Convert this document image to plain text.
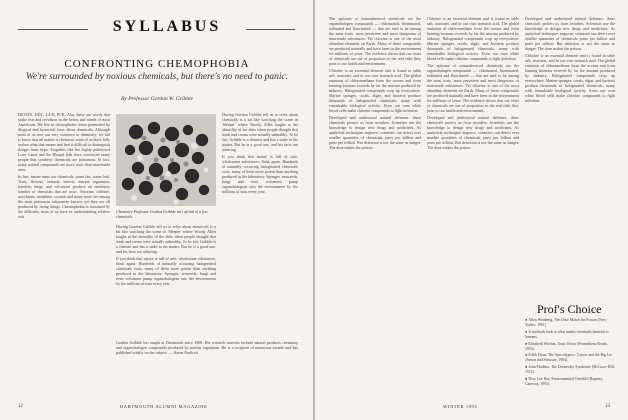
SYLLABUS
CONFRONTING CHEMOPHOBIA
We're surrounded by noxious chemicals, but there's no need to panic.
By Professor Gordon W. Gribble

DIOXIN, DDT, 2,4-D, PCB, Alar, these are words that strike fear and revulsion in the hearts and minds of most Americans. We live in chemophobic times permeated by illogical and hysterical fears about chemicals. Although most of us owe our very existence to chemistry, we fail to know that all matter is chemical, most of us don't fully realize what that means and find it difficult to distinguish danger from hype. Tragedies like the highly publicized Love Canal and the Bhopal leak have convinced many people that synthetic chemicals are poisonous. In fact, many natural compounds are more toxic than man-made ones.

In fact, nature turns out chemicals, some fair, some foul. Trees, flowers, animals, insects, marine organisms, bacteria, fungi, and volcanoes produce an enormous number of chemicals that are toxic. Nicotine, caffeine, strychnine, morphine, cocaine and many more are among the most poisonous substances known, yet they are all produced by living things. Chemophobia is sustained by the difficulty most of us have in understanding relative risk.

Chemistry Professor Gordon Gribble isn't afraid of a few chemicals.

Having Gordon Gribble tell us to relax about chemicals is a bit like watching the scene in 'Sleeper' where Woody Allen laughs at the absurdity of the diets when people thought that steak and cream were actually unhealthy. To be fair, Gribble is a chemist and has a stake in the matter. But he is a good one, and his facts are sobering.

If you think that nature is full of safe, wholesome substances, think again. Hundreds of naturally occurring halogenated chemicals exist, many of them more potent than anything produced in the laboratory. Sponges, seaweeds, fungi and even volcanoes pump organohalogens into the environment by the millions of tons every year.

Having Gordon Gribble tell us to relax about chemicals is a bit like watching the scene in 'Sleeper' where Woody Allen laughs at the absurdity of the diets when people thought that steak and cream were actually unhealthy. To be fair, Gribble is a chemist and has a stake in the matter. But he is a good one, and his facts are sobering.

If you think that nature is full of safe, wholesome substances, think again. Hundreds of naturally occurring halogenated chemicals exist, many of them more potent than anything produced in the laboratory. Sponges, seaweeds, fungi and even volcanoes pump organohalogens into the environment by the millions of tons every year.

Gordon Gribble has taught at Dartmouth since 1968. His research interests include natural products chemistry and organohalogen compounds produced by marine organisms. He is a recipient of numerous awards and has published widely on the subject. — Karen Endicott

12	DARTMOUTH ALUMNI MAGAZINE

The epitome of misunderstood chemicals are the organohalogen compounds — chlorinated, brominated, iodinated and fluorinated — that are said to be among the most toxic, most persistent and most dangerous of man-made substances. Yet chlorine is one of the most abundant elements on Earth. Many of these compounds are produced naturally and have been in the environment for millions of years. The evidence shows that our fears of chemicals are out of proportion to the real risks they pose to our health and environment.

Chlorine is an essential element and is found in table salt, seawater, and in our own stomach acid. The global emission of chloromethane from the oceans and from burning biomass exceeds by far the amount produced by industry. Halogenated compounds crop up everywhere. Marine sponges, corals, algae, and bacteria produce thousands of halogenated chemicals, many with remarkable biological activity. Even our own white blood cells make chlorine compounds to fight infection.

Developed and understood natural defenses, these chemicals protect us from invaders. Scientists use the knowledge to design new drugs and medicines. As analytical techniques improve, scientists can detect ever smaller quantities of chemicals, parts per billion and parts per trillion. But detection is not the same as danger. The dose makes the poison.

Chlorine is an essential element and is found in table salt, seawater, and in our own stomach acid. The global emission of chloromethane from the oceans and from burning biomass exceeds by far the amount produced by industry. Halogenated compounds crop up everywhere. Marine sponges, corals, algae, and bacteria produce thousands of halogenated chemicals, many with remarkable biological activity. Even our own white blood cells make chlorine compounds to fight infection.

The epitome of misunderstood chemicals are the organohalogen compounds — chlorinated, brominated, iodinated and fluorinated — that are said to be among the most toxic, most persistent and most dangerous of man-made substances. Yet chlorine is one of the most abundant elements on Earth. Many of these compounds are produced naturally and have been in the environment for millions of years. The evidence shows that our fears of chemicals are out of proportion to the real risks they pose to our health and environment.

Developed and understood natural defenses, these chemicals protect us from invaders. Scientists use the knowledge to design new drugs and medicines. As analytical techniques improve, scientists can detect ever smaller quantities of chemicals, parts per billion and parts per trillion. But detection is not the same as danger. The dose makes the poison.

Developed and understood natural defenses, these chemicals protect us from invaders. Scientists use the knowledge to design new drugs and medicines. As analytical techniques improve, scientists can detect ever smaller quantities of chemicals, parts per billion and parts per trillion. But detection is not the same as danger. The dose makes the poison.

Chlorine is an essential element and is found in table salt, seawater, and in our own stomach acid. The global emission of chloromethane from the oceans and from burning biomass exceeds by far the amount produced by industry. Halogenated compounds crop up everywhere. Marine sponges, corals, algae, and bacteria produce thousands of halogenated chemicals, many with remarkable biological activity. Even our own white blood cells make chlorine compounds to fight infection.

Prof's Choice
● Allen Weinberg, The Dose Makes the Poison (New Yorker, 1991)
● A textbook look at what makes chemicals harmful to humans.
● Elizabeth Whelan, Toxic Terror (Prometheus Books, 1993).
● Edith Efron, The Apocalyptics: Cancer and the Big Lie (Simon and Schuster, 1984).
● John Maddox, The Doomsday Syndrome (McGraw-Hill, 1972).
● Dixy Lee Ray, Environmental Overkill (Regnery Gateway, 1993).
WINTER 1993	13
